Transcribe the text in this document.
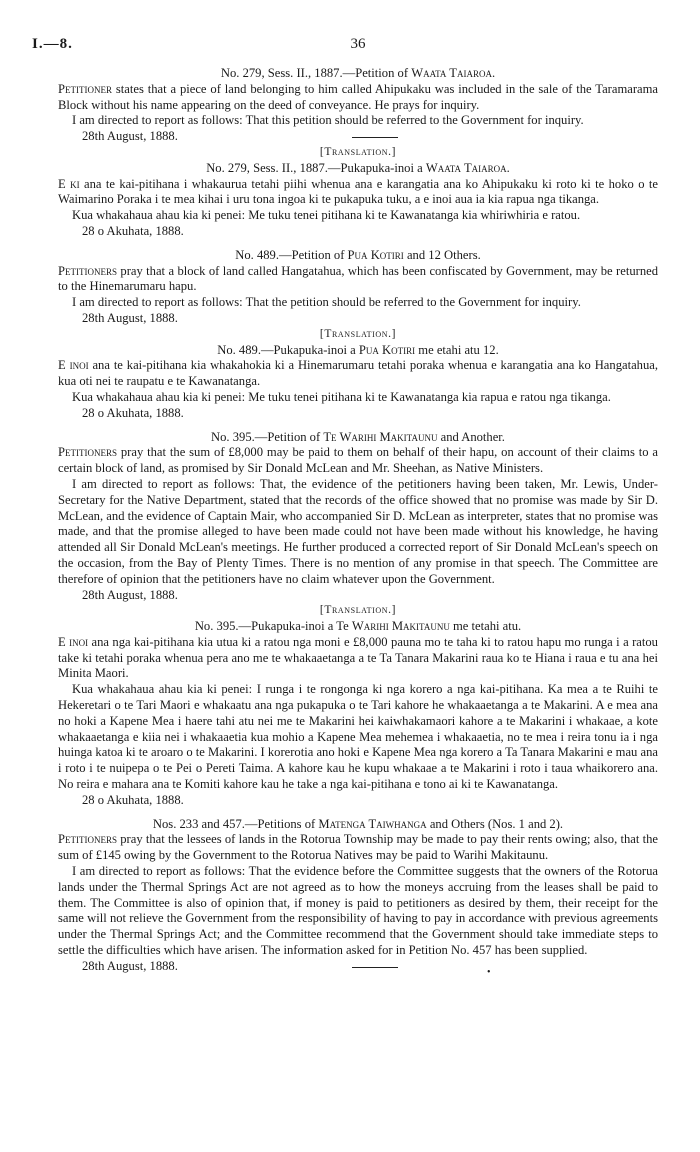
I.—8.	36

No. 279, Sess. II., 1887.—Petition of Waata Taiaroa.

Petitioner states that a piece of land belonging to him called Ahipukaku was included in the sale of the Taramarama Block without his name appearing on the deed of conveyance. He prays for inquiry.

I am directed to report as follows: That this petition should be referred to the Government for inquiry.

28th August, 1888.

[Translation.]

No. 279, Sess. II., 1887.—Pukapuka-inoi a Waata Taiaroa.

E ki ana te kai-pitihana i whakaurua tetahi piihi whenua ana e karangatia ana ko Ahipukaku ki roto ki te hoko o te Waimarino Poraka i te mea kihai i uru tona ingoa ki te pukapuka tuku, a e inoi aua ia kia rapua nga tikanga.

Kua whakahaua ahau kia ki penei: Me tuku tenei pitihana ki te Kawanatanga kia whiriwhiria e ratou.

28 o Akuhata, 1888.

No. 489.—Petition of Pua Kotiri and 12 Others.

Petitioners pray that a block of land called Hangatahua, which has been confiscated by Government, may be returned to the Hinemarumaru hapu.

I am directed to report as follows: That the petition should be referred to the Government for inquiry.

28th August, 1888.

[Translation.]

No. 489.—Pukapuka-inoi a Pua Kotiri me etahi atu 12.

E inoi ana te kai-pitihana kia whakahokia ki a Hinemarumaru tetahi poraka whenua e karangatia ana ko Hangatahua, kua oti nei te raupatu e te Kawanatanga.

Kua whakahaua ahau kia ki penei: Me tuku tenei pitihana ki te Kawanatanga kia rapua e ratou nga tikanga.

28 o Akuhata, 1888.

No. 395.—Petition of Te Warihi Makitaunu and Another.

Petitioners pray that the sum of £8,000 may be paid to them on behalf of their hapu, on account of their claims to a certain block of land, as promised by Sir Donald McLean and Mr. Sheehan, as Native Ministers.

I am directed to report as follows: That, the evidence of the petitioners having been taken, Mr. Lewis, Under-Secretary for the Native Department, stated that the records of the office showed that no promise was made by Sir D. McLean, and the evidence of Captain Mair, who accompanied Sir D. McLean as interpreter, states that no promise was made, and that the promise alleged to have been made could not have been made without his knowledge, he having attended all Sir Donald McLean's meetings. He further produced a corrected report of Sir Donald McLean's speech on the occasion, from the Bay of Plenty Times. There is no mention of any promise in that speech. The Committee are therefore of opinion that the petitioners have no claim whatever upon the Government.

28th August, 1888.

[Translation.]

No. 395.—Pukapuka-inoi a Te Warihi Makitaunu me tetahi atu.

E inoi ana nga kai-pitihana kia utua ki a ratou nga moni e £8,000 pauna mo te taha ki to ratou hapu mo runga i a ratou take ki tetahi poraka whenua pera ano me te whakaaetanga a te Ta Tanara Makarini raua ko te Hiana i raua e tu ana hei Minita Maori.

Kua whakahaua ahau kia ki penei: I runga i te rongonga ki nga korero a nga kai-pitihana. Ka mea a te Ruihi te Hekeretari o te Tari Maori e whakaatu ana nga pukapuka o te Tari kahore he whakaaetanga a te Makarini. A e mea ana no hoki a Kapene Mea i haere tahi atu nei me te Makarini hei kaiwhakamaori kahore a te Makarini i whakaae, a kote whakaaetanga e kiia nei i whakaaetia kua mohio a Kapene Mea mehemea i whakaaetia, no te mea i reira tonu ia i nga huinga katoa ki te aroaro o te Makarini. I korerotia ano hoki e Kapene Mea nga korero a Ta Tanara Makarini e mau ana i roto i te nuipepa o te Pei o Pereti Taima. A kahore kau he kupu whakaae a te Makarini i roto i taua whaikorero ana. No reira e mahara ana te Komiti kahore kau he take a nga kai-pitihana e tono ai ki te Kawanatanga.

28 o Akuhata, 1888.

Nos. 233 and 457.—Petitions of Matenga Taiwhanga and Others (Nos. 1 and 2).

Petitioners pray that the lessees of lands in the Rotorua Township may be made to pay their rents owing; also, that the sum of £145 owing by the Government to the Rotorua Natives may be paid to Warihi Makitaunu.

I am directed to report as follows: That the evidence before the Committee suggests that the owners of the Rotorua lands under the Thermal Springs Act are not agreed as to how the moneys accruing from the leases shall be paid to them. The Committee is also of opinion that, if money is paid to petitioners as desired by them, their receipt for the same will not relieve the Government from the responsibility of having to pay in accordance with previous agreements under the Thermal Springs Act; and the Committee recommend that the Government should take immediate steps to settle the difficulties which have arisen. The information asked for in Petition No. 457 has been supplied.

28th August, 1888.	•
